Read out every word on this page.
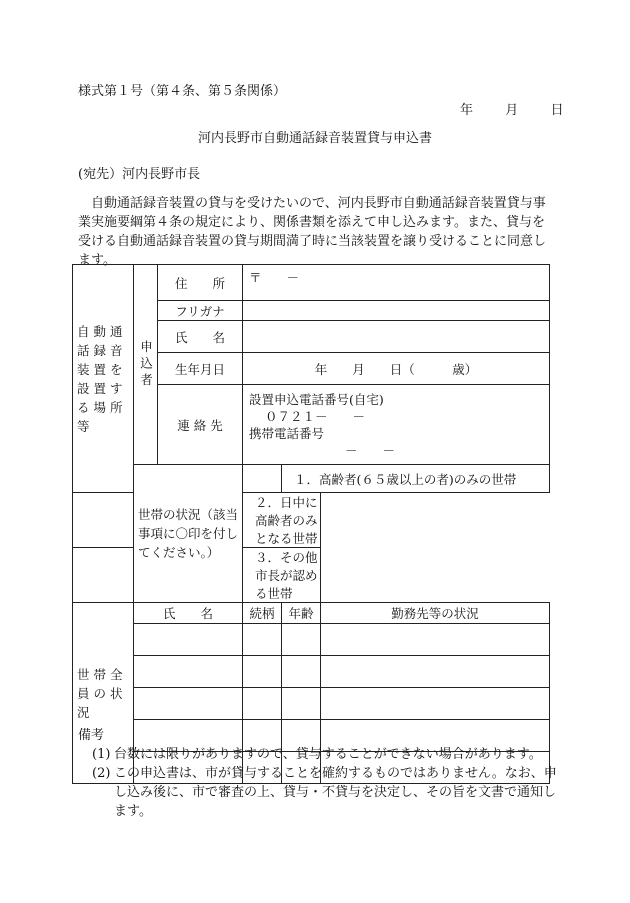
様式第１号（第４条、第５条関係）
年 月 日
河内長野市自動通話録音装置貸与申込書
(宛先）河内長野市長
　自動通話録音装置の貸与を受けたいので、河内長野市自動通話録音装置貸与事業実施要綱第４条の規定により、関係書類を添えて申し込みます。また、貸与を受ける自動通話録音装置の貸与期間満了時に当該装置を譲り受けることに同意します。
自動通話録音装置を設置する場所等	申込者	住　　所	〒　　－		
		フリガナ			
		氏　　名			
		生年月日	年　　月　　日（　　　歳）		
		連 絡 先	設置申込電話番号(自宅)
０７２１－　　－
携帯電話番号
－　　－		

	世帯の状況（該当事項に〇印を付してください。）			１．高齢者(６５歳以上の者)のみの世帯	
			２．日中に高齢者のみとなる世帯		
			３．その他市長が認める世帯		

世帯全員の状況	氏　　名		続柄	年齢	勤務先等の状況

備考
(1) 台数には限りがありますので、貸与することができない場合があります。
(2) この申込書は、市が貸与することを確約するものではありません。なお、申し込み後に、市で審査の上、貸与・不貸与を決定し、その旨を文書で通知します。
